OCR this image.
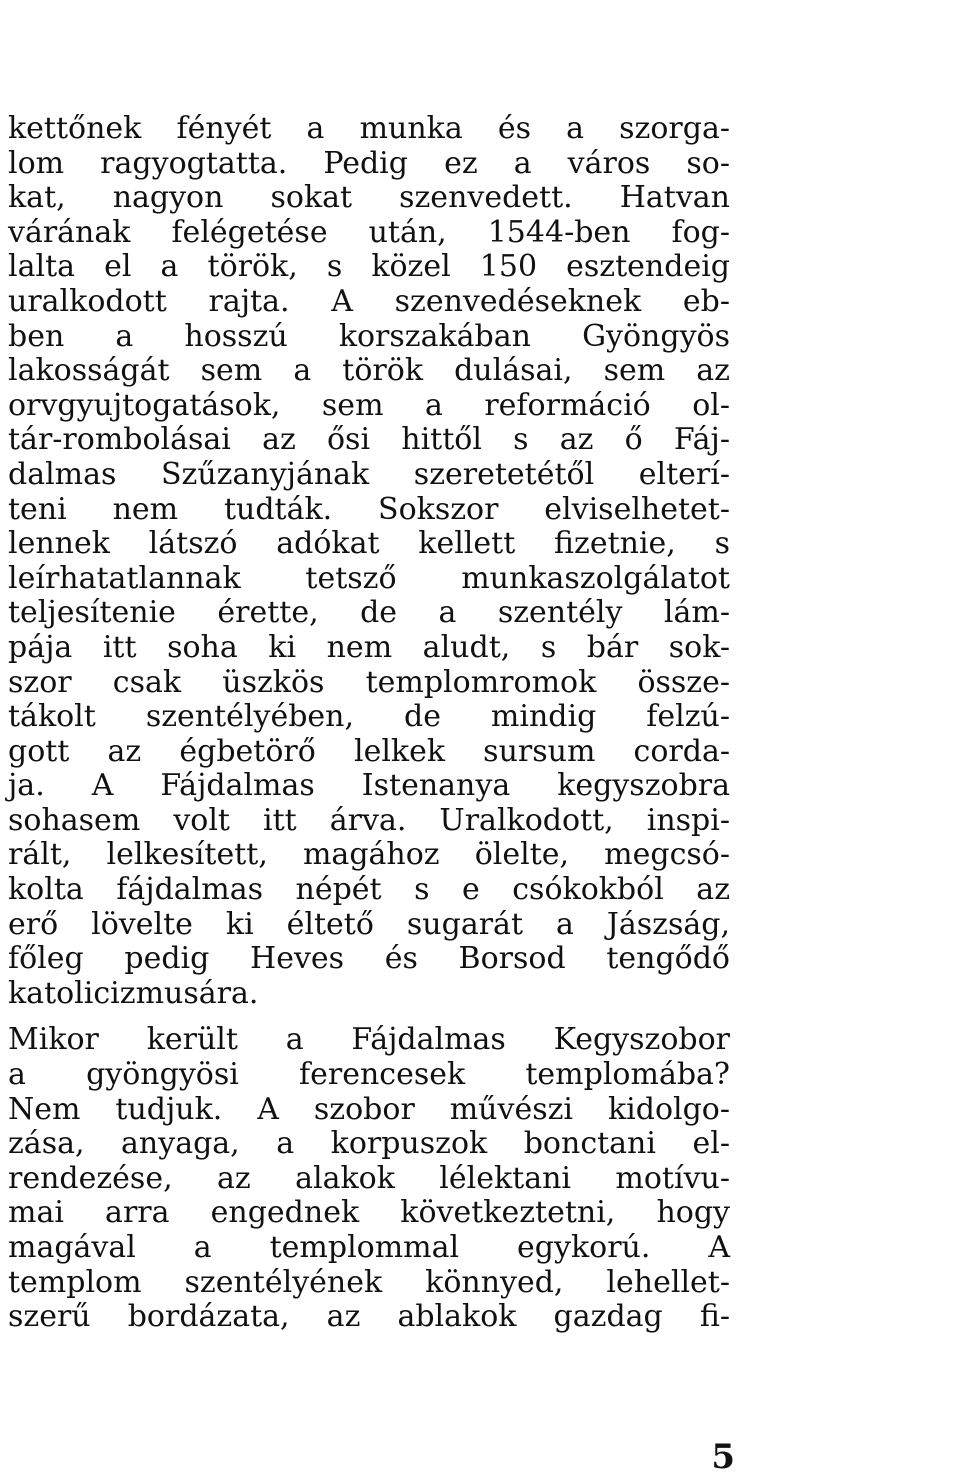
kettőnek fényét a munka és a szorga-
lom ragyogtatta. Pedig ez a város so-
kat, nagyon sokat szenvedett. Hatvan
várának felégetése után, 1544-ben fog-
lalta el a török, s közel 150 esztendeig
uralkodott rajta. A szenvedéseknek eb-
ben a hosszú korszakában Gyöngyös
lakosságát sem a török dulásai, sem az
orvgyujtogatások, sem a reformáció ol-
tár-rombolásai az ősi hittől s az ő Fáj-
dalmas Szűzanyjának szeretetétől elterí-
teni nem tudták. Sokszor elviselhetet-
lennek látszó adókat kellett fizetnie, s
leírhatatlannak tetsző munkaszolgálatot
teljesítenie érette, de a szentély lám-
pája itt soha ki nem aludt, s bár sok-
szor csak üszkös templomromok össze-
tákolt szentélyében, de mindig felzú-
gott az égbetörő lelkek sursum corda-
ja. A Fájdalmas Istenanya kegyszobra
sohasem volt itt árva. Uralkodott, inspi-
rált, lelkesített, magához ölelte, megcsó-
kolta fájdalmas népét s e csókokból az
erő lövelte ki éltető sugarát a Jászság,
főleg pedig Heves és Borsod tengődő
katolicizmusára.
Mikor került a Fájdalmas Kegyszobor
a gyöngyösi ferencesek templomába?
Nem tudjuk. A szobor művészi kidolgo-
zása, anyaga, a korpuszok bonctani el-
rendezése, az alakok lélektani motívu-
mai arra engednek következtetni, hogy
magával a templommal egykorú. A
templom szentélyének könnyed, lehellet-
szerű bordázata, az ablakok gazdag fi-
5
